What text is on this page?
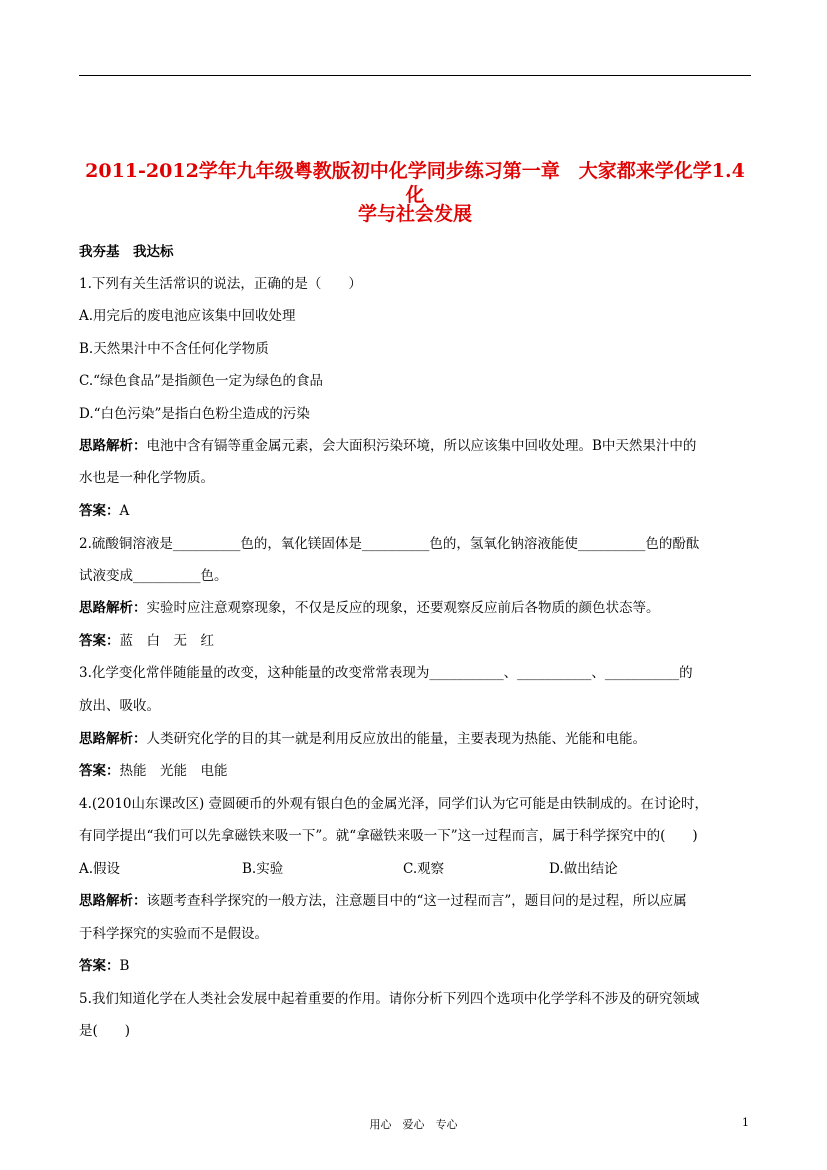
2011-2012学年九年级粤教版初中化学同步练习第一章　大家都来学化学1.4化
学与社会发展
我夯基　我达标
1.下列有关生活常识的说法，正确的是（　　）
A.用完后的废电池应该集中回收处理
B.天然果汁中不含任何化学物质
C.“绿色食品”是指颜色一定为绿色的食品
D.“白色污染”是指白色粉尘造成的污染
思路解析：电池中含有镉等重金属元素，会大面积污染环境，所以应该集中回收处理。B中天然果汁中的
水也是一种化学物质。
答案：A
2.硫酸铜溶液是__________色的，氧化镁固体是__________色的，氢氧化钠溶液能使__________色的酚酞
试液变成__________色。
思路解析：实验时应注意观察现象，不仅是反应的现象，还要观察反应前后各物质的颜色状态等。
答案：蓝　白　无　红
3.化学变化常伴随能量的改变，这种能量的改变常常表现为___________、___________、___________的
放出、吸收。
思路解析：人类研究化学的目的其一就是利用反应放出的能量，主要表现为热能、光能和电能。
答案：热能　光能　电能
4.(2010山东课改区) 壹圆硬币的外观有银白色的金属光泽，同学们认为它可能是由铁制成的。在讨论时，
有同学提出“我们可以先拿磁铁来吸一下”。就“拿磁铁来吸一下”这一过程而言，属于科学探究中的(　　)
A.假设	B.实验	C.观察	D.做出结论
思路解析：该题考查科学探究的一般方法，注意题目中的“这一过程而言”，题目问的是过程，所以应属
于科学探究的实验而不是假设。
答案：B
5.我们知道化学在人类社会发展中起着重要的作用。请你分析下列四个选项中化学学科不涉及的研究领域
是(　　)
用心　爱心　专心	1
